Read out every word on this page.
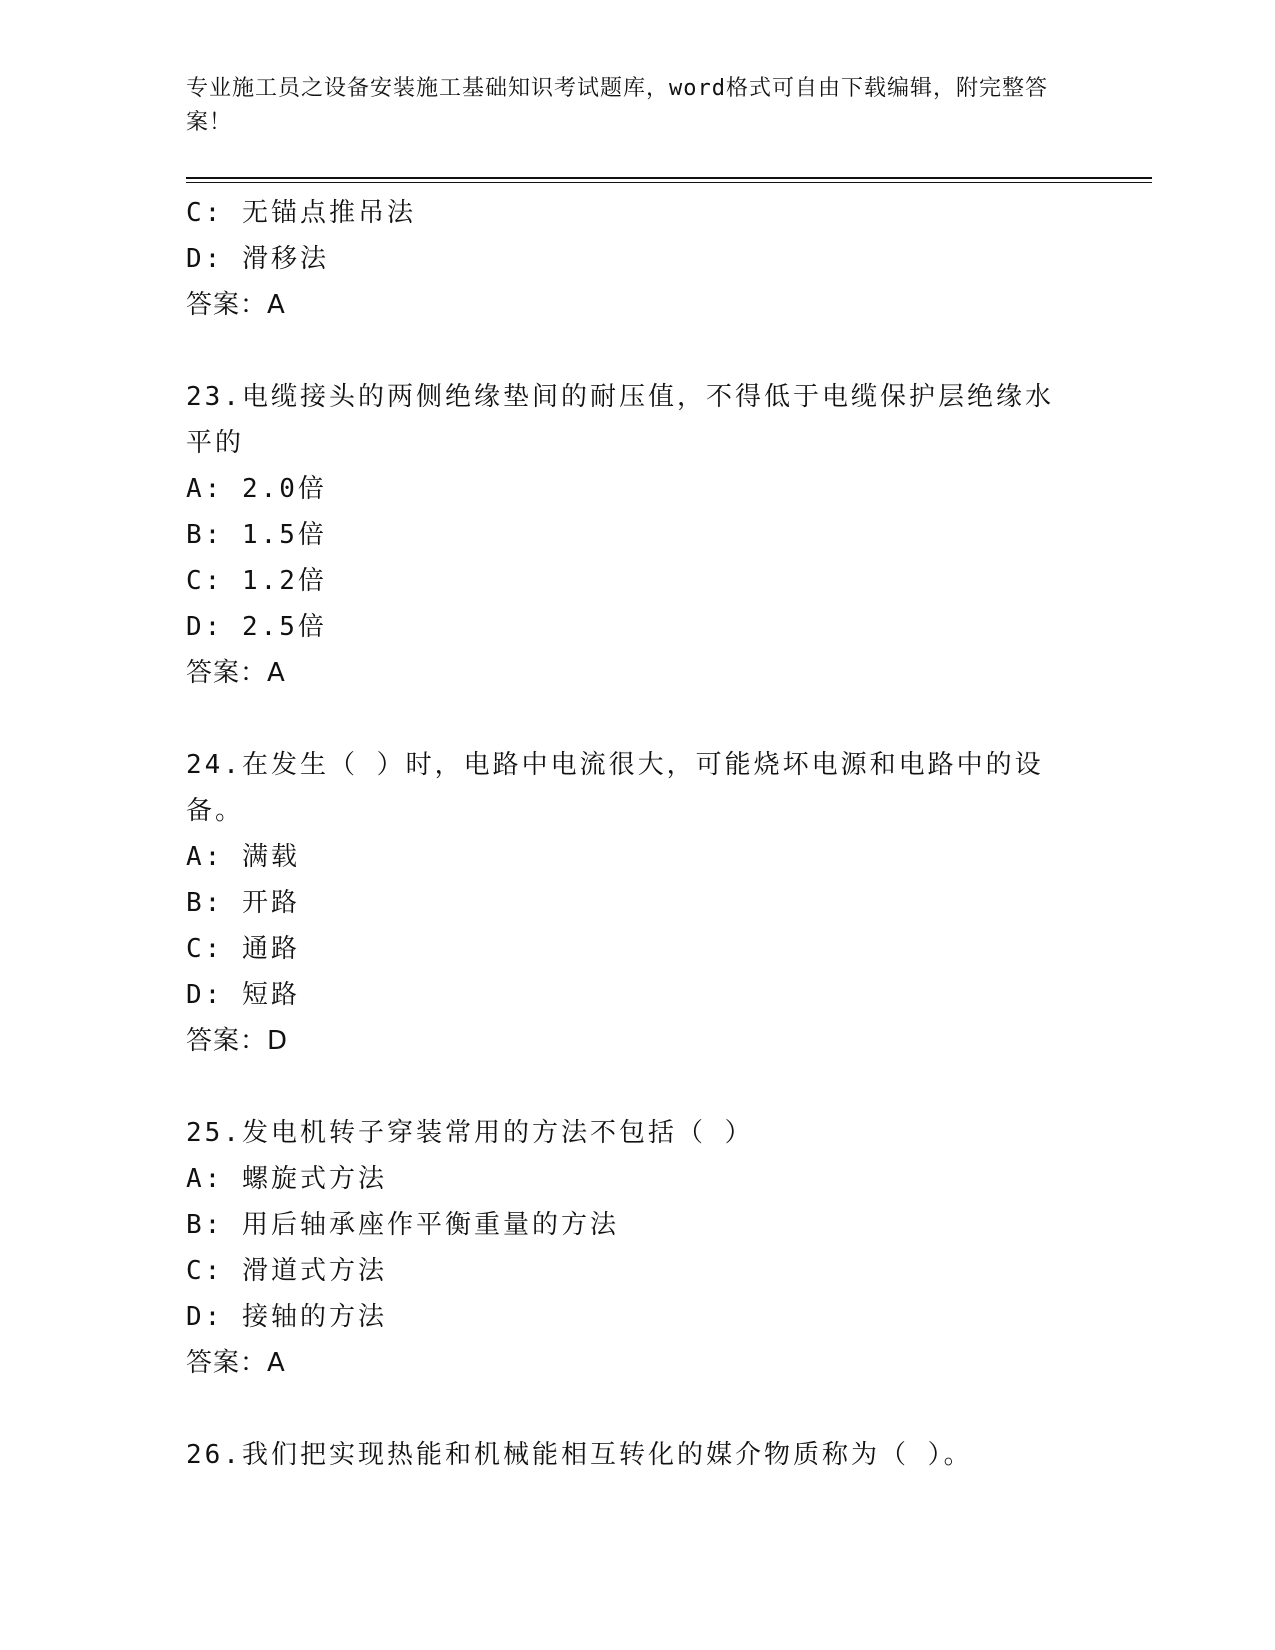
专业施工员之设备安装施工基础知识考试题库，word格式可自由下载编辑，附完整答案！
C: 无锚点推吊法
D: 滑移法
答案：A
23.电缆接头的两侧绝缘垫间的耐压值，不得低于电缆保护层绝缘水平的
A: 2.0倍
B: 1.5倍
C: 1.2倍
D: 2.5倍
答案：A
24.在发生（ ）时，电路中电流很大，可能烧坏电源和电路中的设备。
A: 满载
B: 开路
C: 通路
D: 短路
答案：D
25.发电机转子穿装常用的方法不包括（ ）
A: 螺旋式方法
B: 用后轴承座作平衡重量的方法
C: 滑道式方法
D: 接轴的方法
答案：A
26.我们把实现热能和机械能相互转化的媒介物质称为（ ）。
